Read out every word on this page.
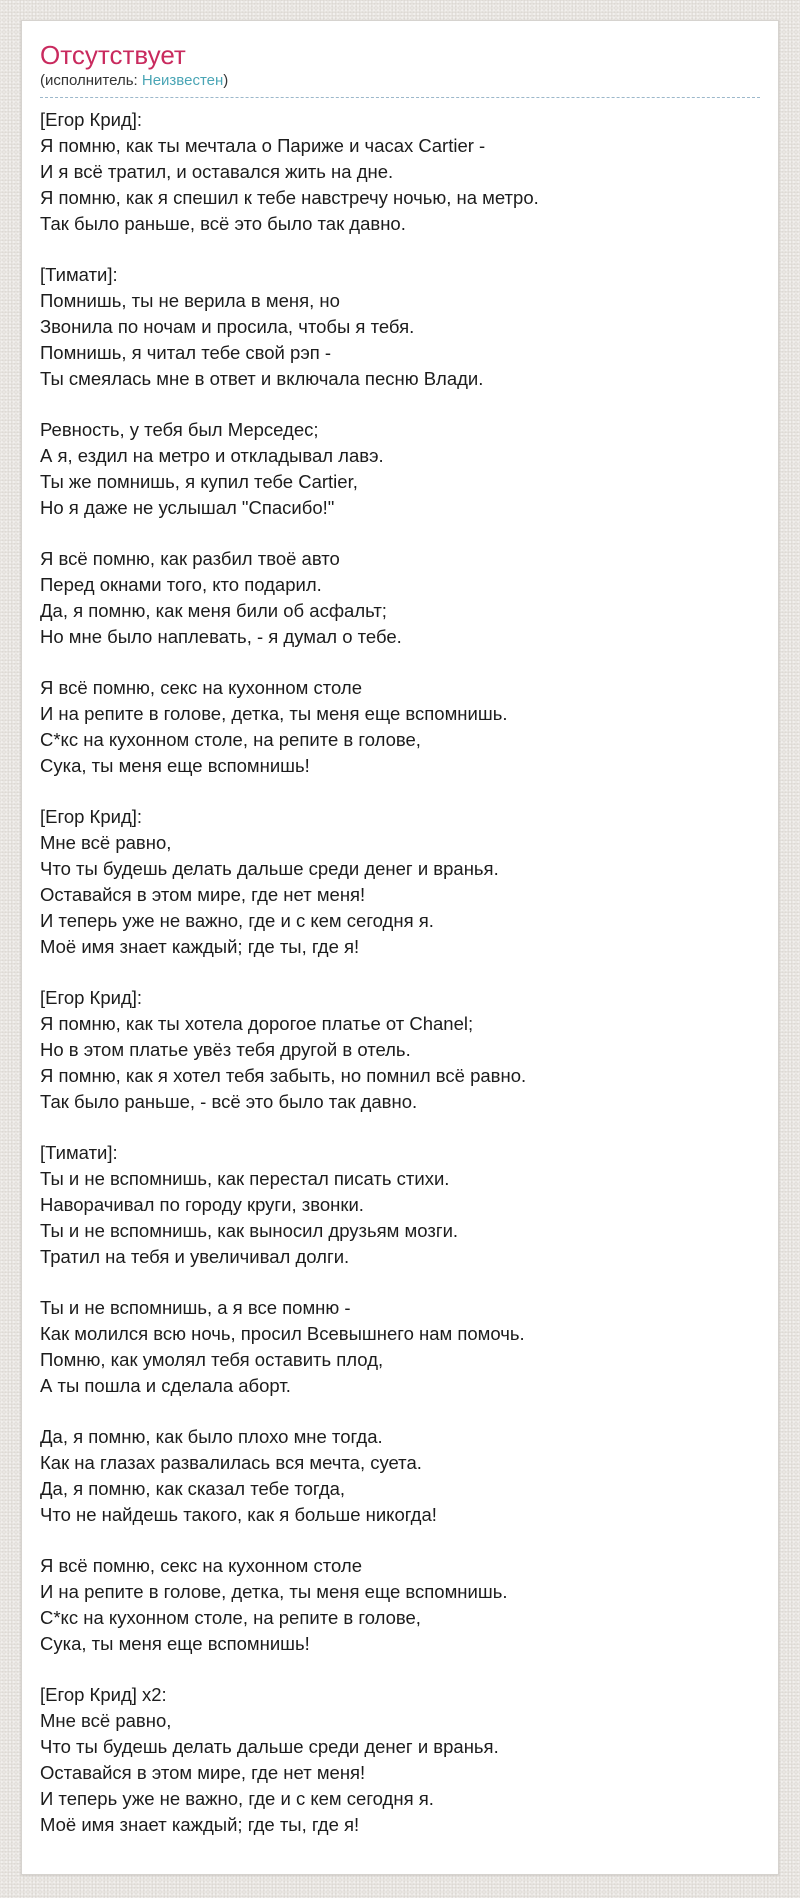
Отсутствует
(исполнитель: Неизвестен)

[Егор Крид]:
Я помню, как ты мечтала о Париже и часах Cartier -
И я всё тратил, и оставался жить на дне.
Я помню, как я спешил к тебе навстречу ночью, на метро.
Так было раньше, всё это было так давно.

[Тимати]:
Помнишь, ты не верила в меня, но
Звонила по ночам и просила, чтобы я тебя.
Помнишь, я читал тебе свой рэп -
Ты смеялась мне в ответ и включала песню Влади.

Ревность, у тебя был Мерседес;
А я, ездил на метро и откладывал лавэ.
Ты же помнишь, я купил тебе Cartier,
Но я даже не услышал "Спасибо!"

Я всё помню, как разбил твоё авто
Перед окнами того, кто подарил.
Да, я помню, как меня били об асфальт;
Но мне было наплевать, - я думал о тебе.

Я всё помню, секс на кухонном столе
И на репите в голове, детка, ты меня еще вспомнишь.
С*кс на кухонном столе, на репите в голове,
Сука, ты меня еще вспомнишь!

[Егор Крид]:
Мне всё равно,
Что ты будешь делать дальше среди денег и вранья.
Оставайся в этом мире, где нет меня!
И теперь уже не важно, где и с кем сегодня я.
Моё имя знает каждый; где ты, где я!

[Егор Крид]:
Я помню, как ты хотела дорогое платье от Chanel;
Но в этом платье увёз тебя другой в отель.
Я помню, как я хотел тебя забыть, но помнил всё равно.
Так было раньше, - всё это было так давно.

[Тимати]:
Ты и не вспомнишь, как перестал писать стихи.
Наворачивал по городу круги, звонки.
Ты и не вспомнишь, как выносил друзьям мозги.
Тратил на тебя и увеличивал долги.

Ты и не вспомнишь, а я все помню -
Как молился всю ночь, просил Всевышнего нам помочь.
Помню, как умолял тебя оставить плод,
А ты пошла и сделала аборт.

Да, я помню, как было плохо мне тогда.
Как на глазах развалилась вся мечта, суета.
Да, я помню, как сказал тебе тогда,
Что не найдешь такого, как я больше никогда!

Я всё помню, секс на кухонном столе
И на репите в голове, детка, ты меня еще вспомнишь.
С*кс на кухонном столе, на репите в голове,
Сука, ты меня еще вспомнишь!

[Егор Крид] x2:
Мне всё равно,
Что ты будешь делать дальше среди денег и вранья.
Оставайся в этом мире, где нет меня!
И теперь уже не важно, где и с кем сегодня я.
Моё имя знает каждый; где ты, где я!
